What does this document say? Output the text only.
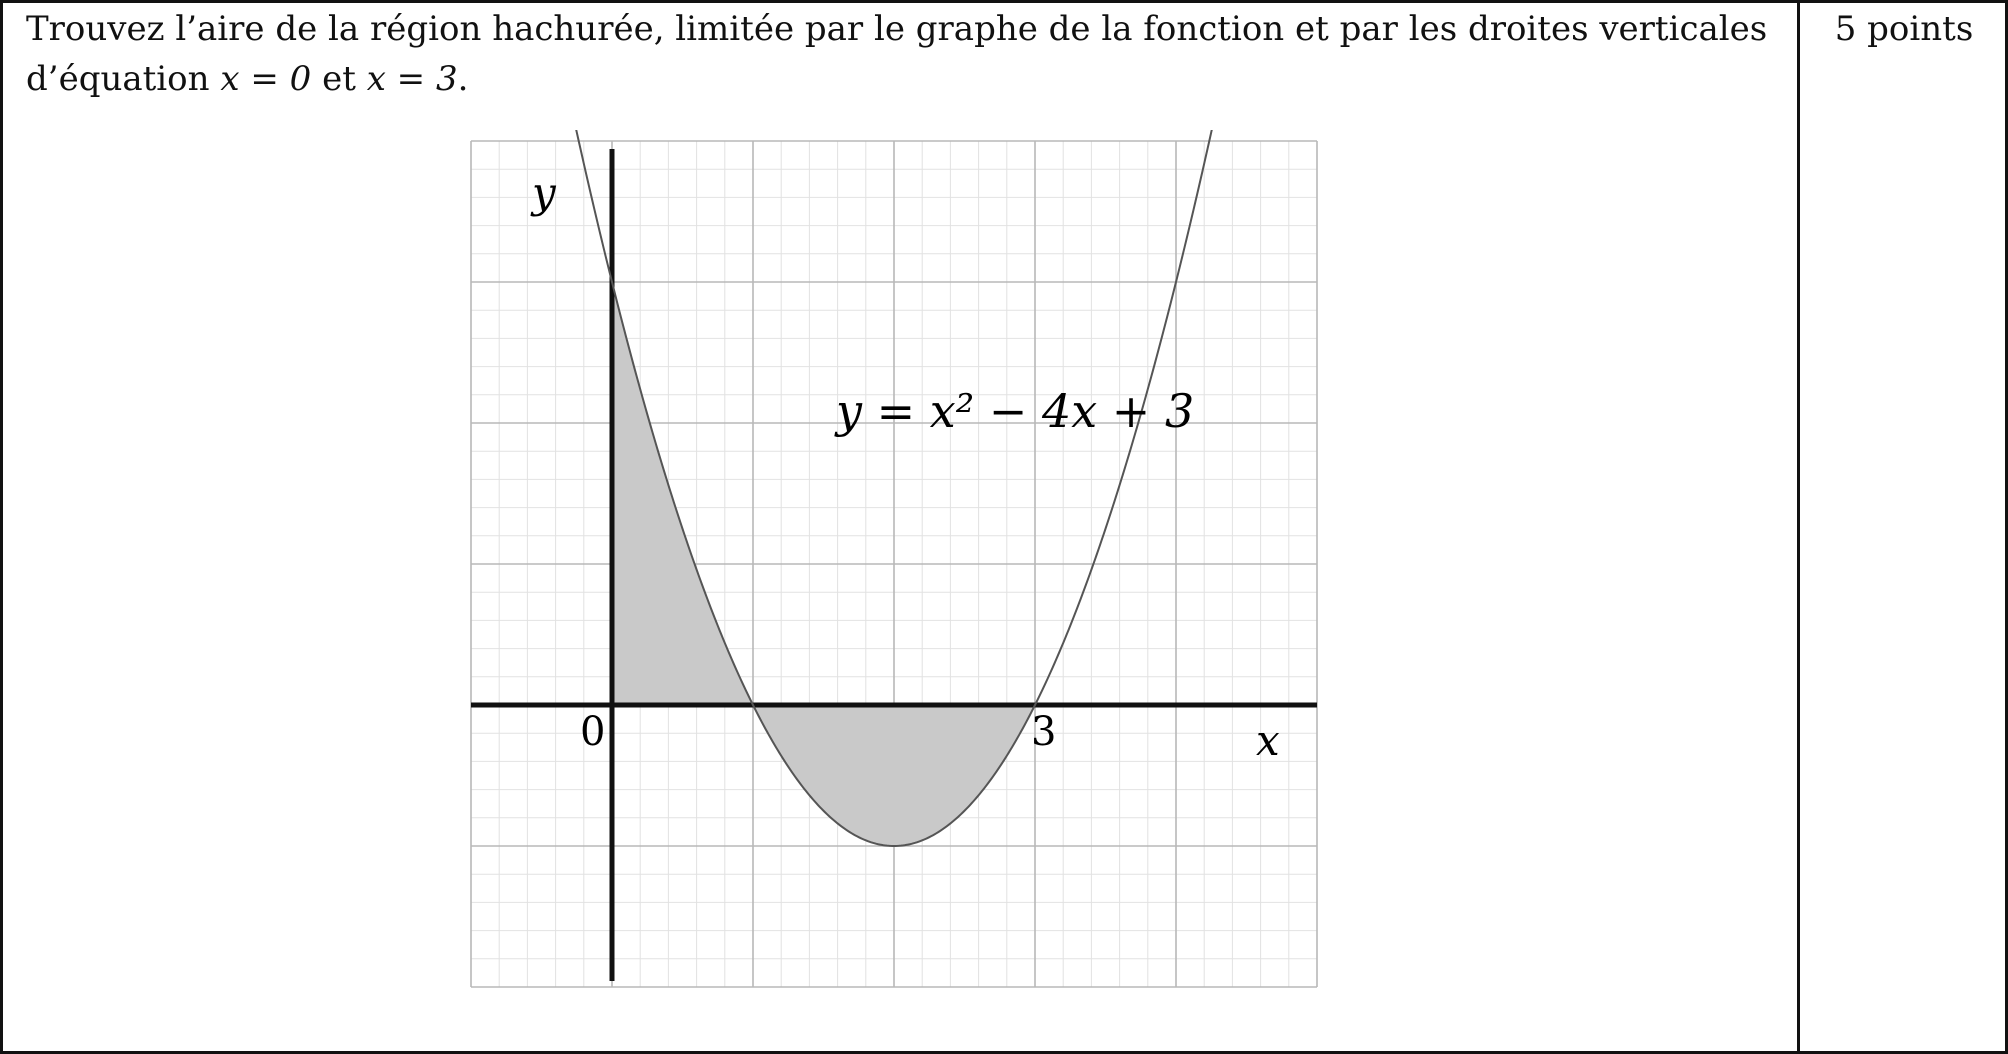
Trouvez l’aire de la région hachurée, limitée par le graphe de la fonction et par les droites verticales
d’équation x = 0 et x = 3.
5 points
y
x
0	3
y = x² − 4x + 3
